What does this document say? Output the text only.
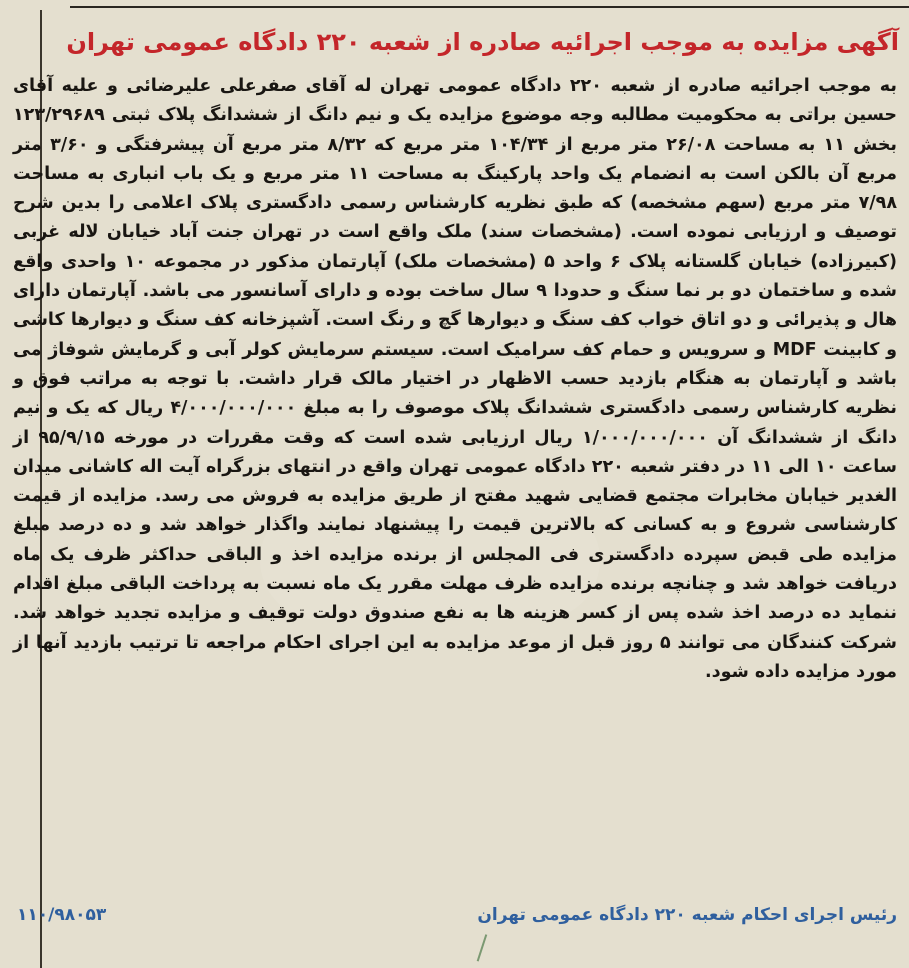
آگهی مزایده به موجب اجرائیه صادره از شعبه ۲۲۰ دادگاه عمومی تهران

به موجب اجرائیه صادره از شعبه ۲۲۰ دادگاه عمومی تهران له آقای صفرعلی علیرضائی و علیه آقای حسین براتی به محکومیت مطالبه وجه موضوع مزایده یک و نیم دانگ از ششدانگ پلاک ثبتی ۱۲۳/۲۹۶۸۹ بخش ۱۱ به مساحت ۲۶/۰۸ متر مربع از ۱۰۴/۳۴ متر مربع که ۸/۳۲ متر مربع آن پیشرفتگی و ۳/۶۰ متر مربع آن بالکن است به انضمام یک واحد پارکینگ به مساحت ۱۱ متر مربع و یک باب انباری به مساحت ۷/۹۸ متر مربع (سهم مشخصه) که طبق نظریه کارشناس رسمی دادگستری پلاک اعلامی را بدین شرح توصیف و ارزیابی نموده است. (مشخصات سند) ملک واقع است در تهران جنت آباد خیابان لاله غربی (کبیرزاده) خیابان گلستانه پلاک ۶ واحد ۵ (مشخصات ملک) آپارتمان مذکور در مجموعه ۱۰ واحدی واقع شده و ساختمان دو بر نما سنگ و حدودا ۹ سال ساخت بوده و دارای آسانسور می باشد. آپارتمان دارای هال و پذیرائی و دو اتاق خواب کف سنگ و دیوارها گچ و رنگ است. آشپزخانه کف سنگ و دیوارها کاشی و کابینت MDF و سرویس و حمام کف سرامیک است. سیستم سرمایش کولر آبی و گرمایش شوفاژ می باشد و آپارتمان به هنگام بازدید حسب الاظهار در اختیار مالک قرار داشت. با توجه به مراتب فوق و نظریه کارشناس رسمی دادگستری ششدانگ پلاک موصوف را به مبلغ ۴/۰۰۰/۰۰۰/۰۰۰ ریال که یک و نیم دانگ از ششدانگ آن ۱/۰۰۰/۰۰۰/۰۰۰ ریال ارزیابی شده است که وقت مقررات در مورخه ۹۵/۹/۱۵ از ساعت ۱۰ الی ۱۱ در دفتر شعبه ۲۲۰ دادگاه عمومی تهران واقع در انتهای بزرگراه آیت اله کاشانی میدان الغدیر خیابان مخابرات مجتمع قضایی شهید مفتح از طریق مزایده به فروش می رسد. مزایده از قیمت کارشناسی شروع و به کسانی که بالاترین قیمت را پیشنهاد نمایند واگذار خواهد شد و ده درصد مبلغ مزایده طی قبض سپرده دادگستری فی المجلس از برنده مزایده اخذ و الباقی حداکثر ظرف یک ماه دریافت خواهد شد و چنانچه برنده مزایده ظرف مهلت مقرر یک ماه نسبت به پرداخت الباقی مبلغ اقدام ننماید ده درصد اخذ شده پس از کسر هزینه ها به نفع صندوق دولت توقیف و مزایده تجدید خواهد شد. شرکت کنندگان می توانند ۵ روز قبل از موعد مزایده به این اجرای احکام مراجعه تا ترتیب بازدید آنها از مورد مزایده داده شود.

رئیس اجرای احکام شعبه ۲۲۰ دادگاه عمومی تهران
۱۱۰/۹۸۰۵۳
